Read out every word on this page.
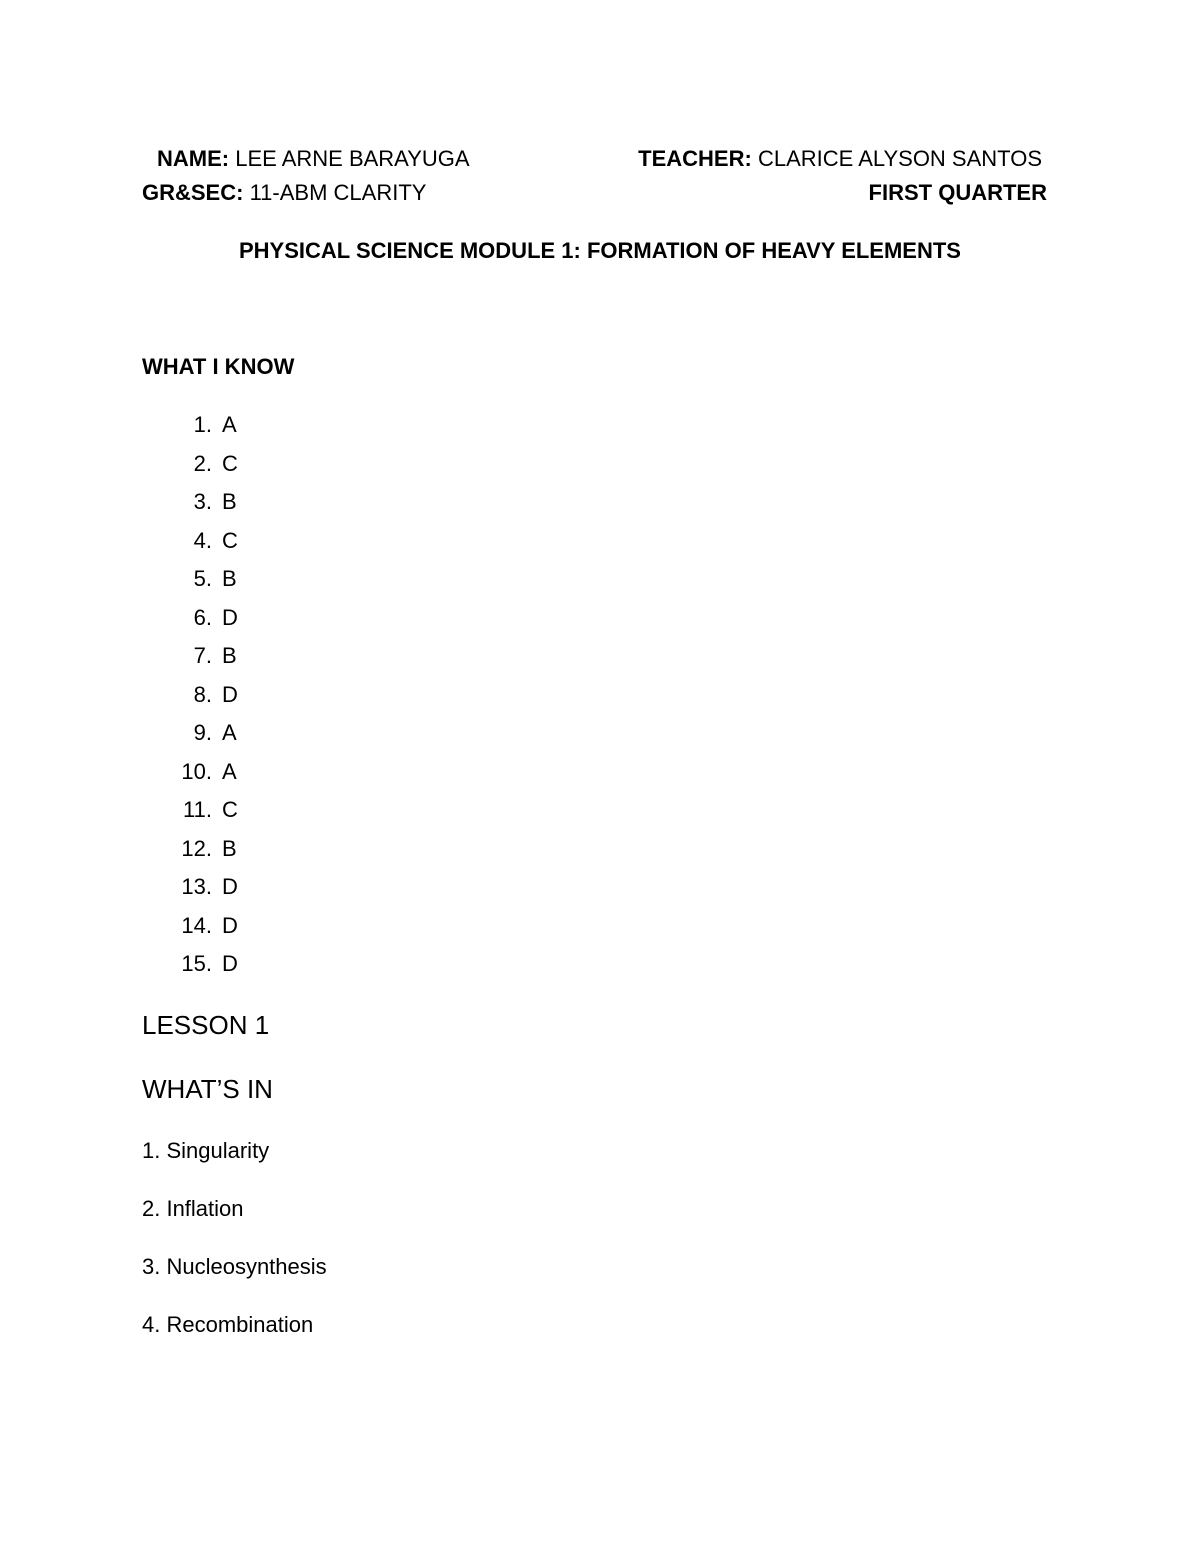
NAME: LEE ARNE BARAYUGA
GR&SEC: 11-ABM CLARITY
TEACHER: CLARICE ALYSON SANTOS
FIRST QUARTER
PHYSICAL SCIENCE MODULE 1: FORMATION OF HEAVY ELEMENTS
WHAT I KNOW
1. A
2. C
3. B
4. C
5. B
6. D
7. B
8. D
9. A
10. A
11. C
12. B
13. D
14. D
15. D
LESSON 1
WHAT’S IN
1. Singularity
2. Inflation
3. Nucleosynthesis
4. Recombination
